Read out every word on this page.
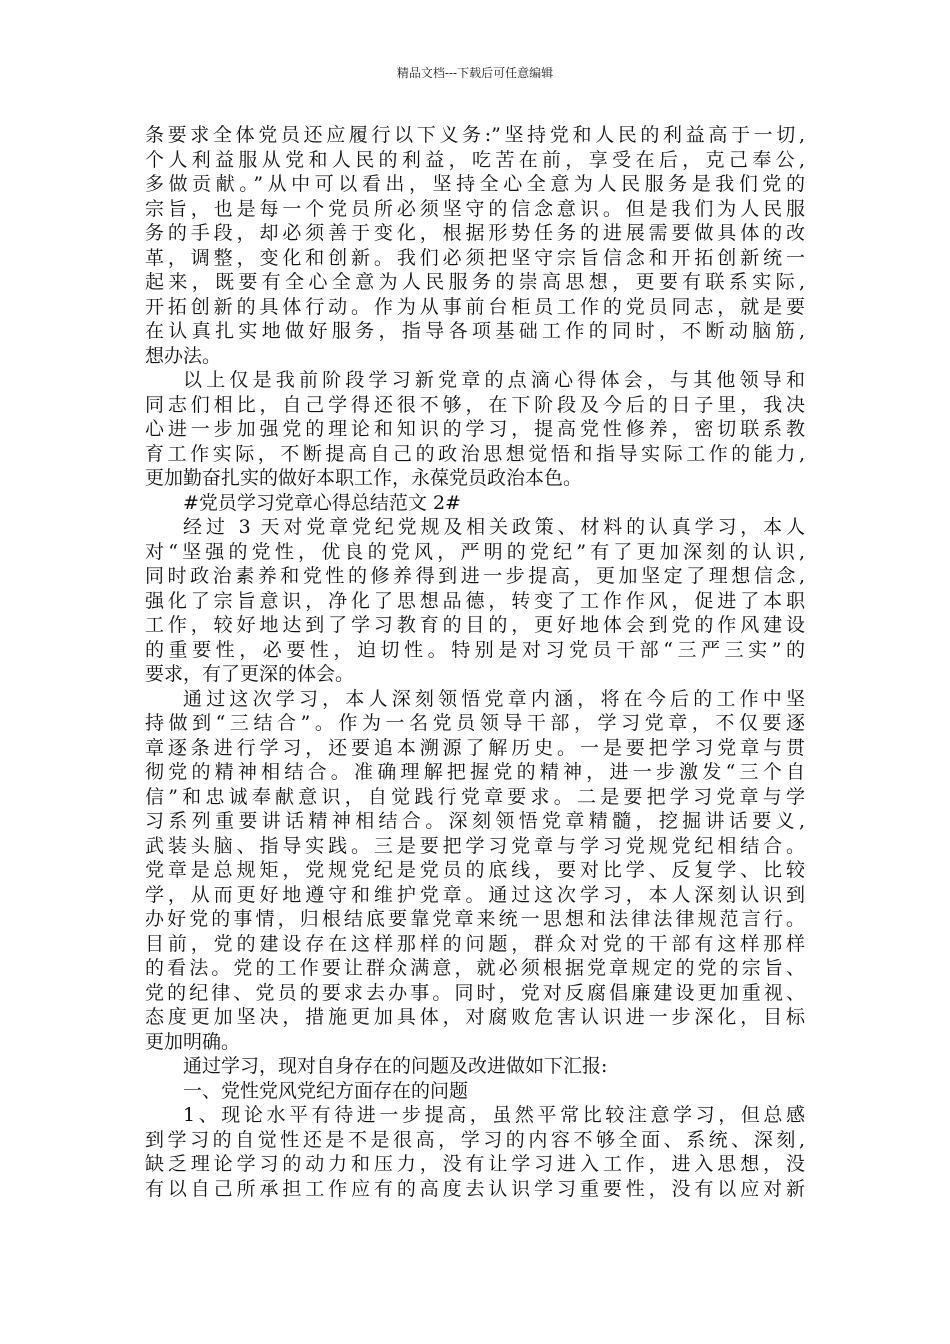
精品文档---下载后可任意编辑
条要求全体党员还应履行以下义务:”坚持党和人民的利益高于一切,
个人利益服从党和人民的利益，吃苦在前，享受在后，克己奉公,
多做贡献。”从中可以看出，坚持全心全意为人民服务是我们党的
宗旨，也是每一个党员所必须坚守的信念意识。但是我们为人民服
务的手段，却必须善于变化，根据形势任务的进展需要做具体的改
革，调整，变化和创新。我们必须把坚守宗旨信念和开拓创新统一
起来，既要有全心全意为人民服务的崇高思想，更要有联系实际,
开拓创新的具体行动。作为从事前台柜员工作的党员同志，就是要
在认真扎实地做好服务，指导各项基础工作的同时，不断动脑筋,
想办法。
以上仅是我前阶段学习新党章的点滴心得体会，与其他领导和
同志们相比，自己学得还很不够，在下阶段及今后的日子里，我决
心进一步加强党的理论和知识的学习，提高党性修养，密切联系教
育工作实际，不断提高自己的政治思想觉悟和指导实际工作的能力,
更加勤奋扎实的做好本职工作，永葆党员政治本色。
#党员学习党章心得总结范文 2#
经过 3 天对党章党纪党规及相关政策、材料的认真学习，本人
对“坚强的党性，优良的党风，严明的党纪”有了更加深刻的认识,
同时政治素养和党性的修养得到进一步提高，更加坚定了理想信念,
强化了宗旨意识，净化了思想品德，转变了工作作风，促进了本职
工作，较好地达到了学习教育的目的，更好地体会到党的作风建设
的重要性，必要性，迫切性。特别是对习党员干部“三严三实”的
要求，有了更深的体会。
通过这次学习，本人深刻领悟党章内涵，将在今后的工作中坚
持做到“三结合”。作为一名党员领导干部，学习党章，不仅要逐
章逐条进行学习，还要追本溯源了解历史。一是要把学习党章与贯
彻党的精神相结合。准确理解把握党的精神，进一步激发“三个自
信”和忠诚奉献意识，自觉践行党章要求。二是要把学习党章与学
习系列重要讲话精神相结合。深刻领悟党章精髓，挖掘讲话要义,
武装头脑、指导实践。三是要把学习党章与学习党规党纪相结合。
党章是总规矩，党规党纪是党员的底线，要对比学、反复学、比较
学，从而更好地遵守和维护党章。通过这次学习，本人深刻认识到
办好党的事情，归根结底要靠党章来统一思想和法律法律规范言行。
目前，党的建设存在这样那样的问题，群众对党的干部有这样那样
的看法。党的工作要让群众满意，就必须根据党章规定的党的宗旨、
党的纪律、党员的要求去办事。同时，党对反腐倡廉建设更加重视、
态度更加坚决，措施更加具体，对腐败危害认识进一步深化，目标
更加明确。
通过学习，现对自身存在的问题及改进做如下汇报:
一、党性党风党纪方面存在的问题
1、现论水平有待进一步提高，虽然平常比较注意学习，但总感
到学习的自觉性还是不是很高，学习的内容不够全面、系统、深刻,
缺乏理论学习的动力和压力，没有让学习进入工作，进入思想，没
有以自己所承担工作应有的高度去认识学习重要性，没有以应对新
